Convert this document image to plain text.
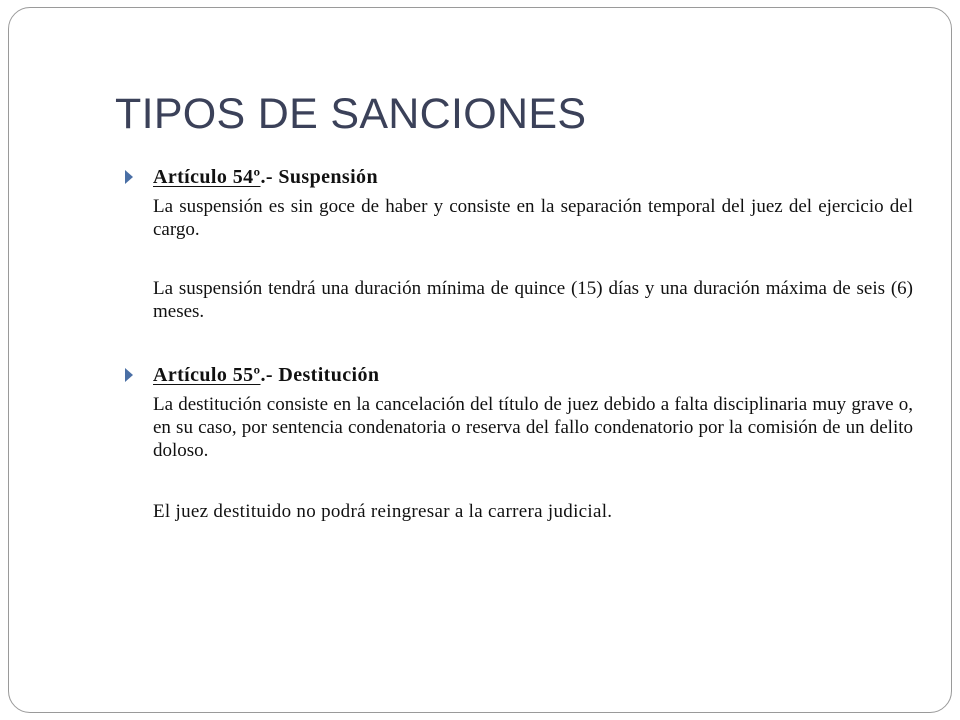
TIPOS DE SANCIONES
Artículo 54º.- Suspensión

La suspensión es sin goce de haber y consiste en la separación temporal del juez del ejercicio del cargo.

La suspensión tendrá una duración mínima de quince (15) días y una duración máxima de seis (6) meses.

Artículo 55º.- Destitución

La destitución consiste en la cancelación del título de juez debido a falta disciplinaria muy grave o, en su caso, por sentencia condenatoria o reserva del fallo condenatorio por la comisión de un delito doloso.

El juez destituido no podrá reingresar a la carrera judicial.
